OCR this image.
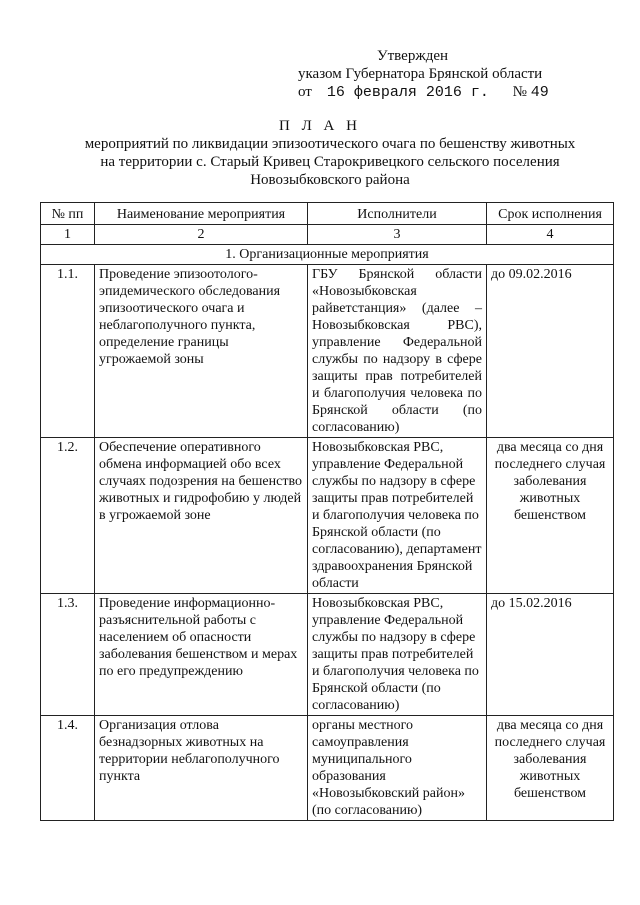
Утвержден
указом Губернатора Брянской области
от 16 февраля 2016 г. № 49
П Л А Н
мероприятий по ликвидации эпизоотического очага по бешенству животных
на территории с. Старый Кривец Старокривецкого сельского поселения
Новозыбковского района
№ пп	Наименование мероприятия	Исполнители	Срок исполнения
1	2	3	4
1. Организационные мероприятия			
1.1.	Проведение эпизоотолого-эпидемического обследования эпизоотического очага и неблагополучного пункта, определение границы угрожаемой зоны	ГБУ Брянской области «Новозыбковская райветстанция» (далее – Новозыбковская РВС), управление Федеральной службы по надзору в сфере защиты прав потребителей и благополучия человека по Брянской области (по согласованию)	до 09.02.2016
1.2.	Обеспечение оперативного обмена информацией обо всех случаях подозрения на бешенство животных и гидрофобию у людей в угрожаемой зоне	Новозыбковская РВС, управление Федеральной службы по надзору в сфере защиты прав потребителей и благополучия человека по Брянской области (по согласованию), департамент здравоохранения Брянской области	два месяца со дня последнего случая заболевания животных бешенством
1.3.	Проведение информационно-разъяснительной работы с населением об опасности заболевания бешенством и мерах по его предупреждению	Новозыбковская РВС, управление Федеральной службы по надзору в сфере защиты прав потребителей и благополучия человека по Брянской области (по согласованию)	до 15.02.2016
1.4.	Организация отлова безнадзорных животных на территории неблагополучного пункта	органы местного самоуправления муниципального образования «Новозыбковский район» (по согласованию)	два месяца со дня последнего случая заболевания животных бешенством
